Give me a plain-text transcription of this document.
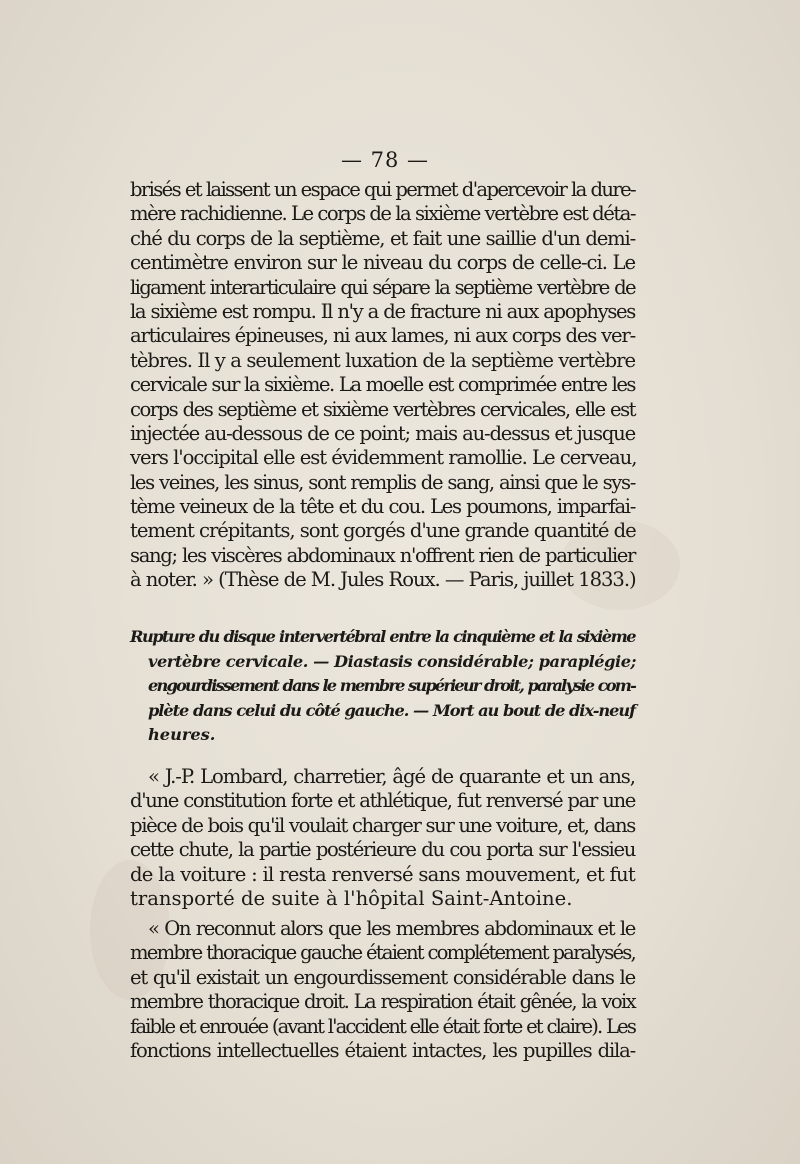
— 78 —
brisés et laissent un espace qui permet d'apercevoir la dure-
mère rachidienne. Le corps de la sixième vertèbre est déta-
ché du corps de la septième, et fait une saillie d'un demi-
centimètre environ sur le niveau du corps de celle-ci. Le
ligament interarticulaire qui sépare la septième vertèbre de
la sixième est rompu. Il n'y a de fracture ni aux apophyses
articulaires épineuses, ni aux lames, ni aux corps des ver-
tèbres. Il y a seulement luxation de la septième vertèbre
cervicale sur la sixième. La moelle est comprimée entre les
corps des septième et sixième vertèbres cervicales, elle est
injectée au-dessous de ce point; mais au-dessus et jusque
vers l'occipital elle est évidemment ramollie. Le cerveau,
les veines, les sinus, sont remplis de sang, ainsi que le sys-
tème veineux de la tête et du cou. Les poumons, imparfai-
tement crépitants, sont gorgés d'une grande quantité de
sang; les viscères abdominaux n'offrent rien de particulier
à noter. » (Thèse de M. Jules Roux. — Paris, juillet 1833.)
Rupture du disque intervertébral entre la cinquième et la sixième
vertèbre cervicale. — Diastasis considérable; paraplégie;
engourdissement dans le membre supérieur droit, paralysie com-
plète dans celui du côté gauche. — Mort au bout de dix-neuf
heures.
« J.-P. Lombard, charretier, âgé de quarante et un ans,
d'une constitution forte et athlétique, fut renversé par une
pièce de bois qu'il voulait charger sur une voiture, et, dans
cette chute, la partie postérieure du cou porta sur l'essieu
de la voiture : il resta renversé sans mouvement, et fut
transporté de suite à l'hôpital Saint-Antoine.
« On reconnut alors que les membres abdominaux et le
membre thoracique gauche étaient complétement paralysés,
et qu'il existait un engourdissement considérable dans le
membre thoracique droit. La respiration était gênée, la voix
faible et enrouée (avant l'accident elle était forte et claire). Les
fonctions intellectuelles étaient intactes, les pupilles dila-
